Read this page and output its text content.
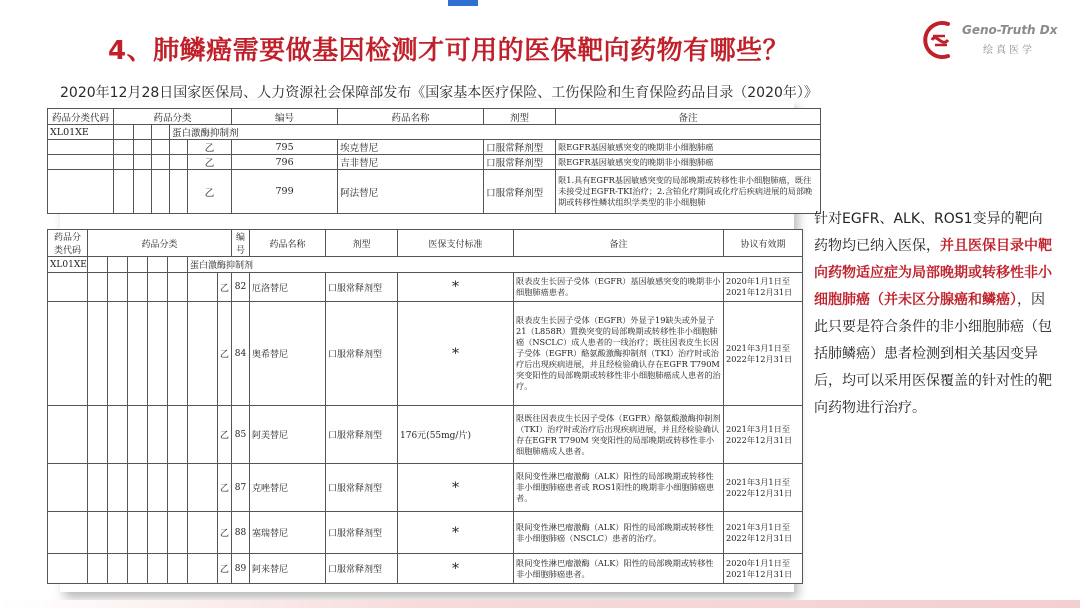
4、肺鳞癌需要做基因检测才可用的医保靶向药物有哪些？
Geno-Truth Dx
绘真医学
2020年12月28日国家医保局、人力资源社会保障部发布《国家基本医疗保险、工伤保险和生育保险药品目录（2020年）》
药品分类代码	药品分类					编号	药品名称	剂型	备注
XL01XE				蛋白激酶抑制剂					
					乙	795	埃克替尼	口服常释剂型	限EGFR基因敏感突变的晚期非小细胞肺癌
					乙	796	吉非替尼	口服常释剂型	限EGFR基因敏感突变的晚期非小细胞肺癌
					乙	799	阿法替尼	口服常释剂型	限1.具有EGFR基因敏感突变的局部晚期或转移性非小细胞肺癌，既往未接受过EGFR-TKI治疗；2.含铂化疗期间或化疗后疾病进展的局部晚期或转移性鳞状组织学类型的非小细胞肺
药品分类代码	药品分类							编号	药品名称	剂型	医保支付标准	备注	协议有效期
XL01XE						蛋白激酶抑制剂							
							乙	82	厄洛替尼	口服常释剂型	*	限表皮生长因子受体（EGFR）基因敏感突变的晚期非小细胞肺癌患者。	2020年1月1日至2021年12月31日
							乙	84	奥希替尼	口服常释剂型	*	限表皮生长因子受体（EGFR）外显子19缺失或外显子21（L858R）置换突变的局部晚期或转移性非小细胞肺癌（NSCLC）成人患者的一线治疗；既往因表皮生长因子受体（EGFR）酪氨酸激酶抑制剂（TKI）治疗时或治疗后出现疾病进展，并且经检验确认存在EGFR T790M 突变阳性的局部晚期或转移性非小细胞肺癌成人患者的治疗。	2021年3月1日至2022年12月31日
							乙	85	阿美替尼	口服常释剂型	176元(55mg/片)	限既往因表皮生长因子受体（EGFR）酪氨酸激酶抑制剂（TKI）治疗时或治疗后出现疾病进展，并且经检验确认存在EGFR T790M 突变阳性的局部晚期或转移性非小细胞肺癌成人患者。	2021年3月1日至2022年12月31日
							乙	87	克唑替尼	口服常释剂型	*	限间变性淋巴瘤激酶（ALK）阳性的局部晚期或转移性非小细胞肺癌患者或 ROS1阳性的晚期非小细胞肺癌患者。	2021年3月1日至2022年12月31日
							乙	88	塞瑞替尼	口服常释剂型	*	限间变性淋巴瘤激酶（ALK）阳性的局部晚期或转移性非小细胞肺癌（NSCLC）患者的治疗。	2021年3月1日至2022年12月31日
							乙	89	阿来替尼	口服常释剂型	*	限间变性淋巴瘤激酶（ALK）阳性的局部晚期或转移性非小细胞肺癌患者。	2020年1月1日至2021年12月31日
针对EGFR、ALK、ROS1变异的靶向药物均已纳入医保，并且医保目录中靶向药物适应症为局部晚期或转移性非小细胞肺癌（并未区分腺癌和鳞癌），因此只要是符合条件的非小细胞肺癌（包括肺鳞癌）患者检测到相关基因变异后，均可以采用医保覆盖的针对性的靶向药物进行治疗。
